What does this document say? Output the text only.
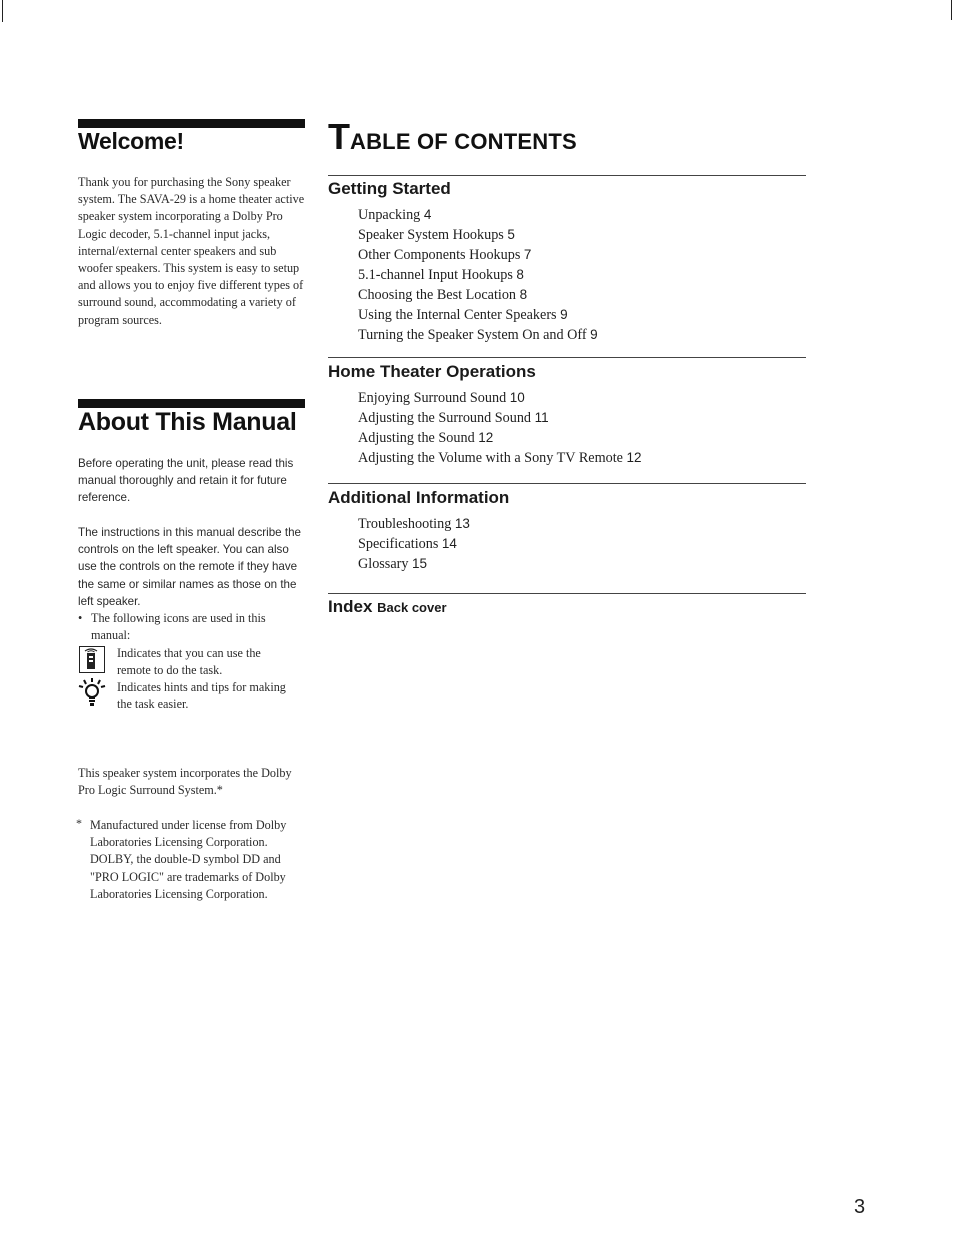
Welcome!
Thank you for purchasing the Sony speaker system. The SAVA-29 is a home theater active speaker system incorporating a Dolby Pro Logic decoder, 5.1-channel input jacks, internal/external center speakers and sub woofer speakers. This system is easy to setup and allows you to enjoy five different types of surround sound, accommodating a variety of program sources.
About This Manual
Before operating the unit, please read this manual thoroughly and retain it for future reference.
The instructions in this manual describe the controls on the left speaker. You can also use the controls on the remote if they have the same or similar names as those on the left speaker.
• The following icons are used in this manual:
Indicates that you can use the remote to do the task.
Indicates hints and tips for making the task easier.
This speaker system incorporates the Dolby Pro Logic Surround System.*
* Manufactured under license from Dolby Laboratories Licensing Corporation. DOLBY, the double-D symbol DD and "PRO LOGIC" are trademarks of Dolby Laboratories Licensing Corporation.
TABLE OF CONTENTS
Getting Started
Unpacking 4
Speaker System Hookups 5
Other Components Hookups 7
5.1-channel Input Hookups 8
Choosing the Best Location 8
Using the Internal Center Speakers 9
Turning the Speaker System On and Off 9
Home Theater Operations
Enjoying Surround Sound 10
Adjusting the Surround Sound 11
Adjusting the Sound 12
Adjusting the Volume with a Sony TV Remote 12
Additional Information
Troubleshooting 13
Specifications 14
Glossary 15
Index Back cover
3
